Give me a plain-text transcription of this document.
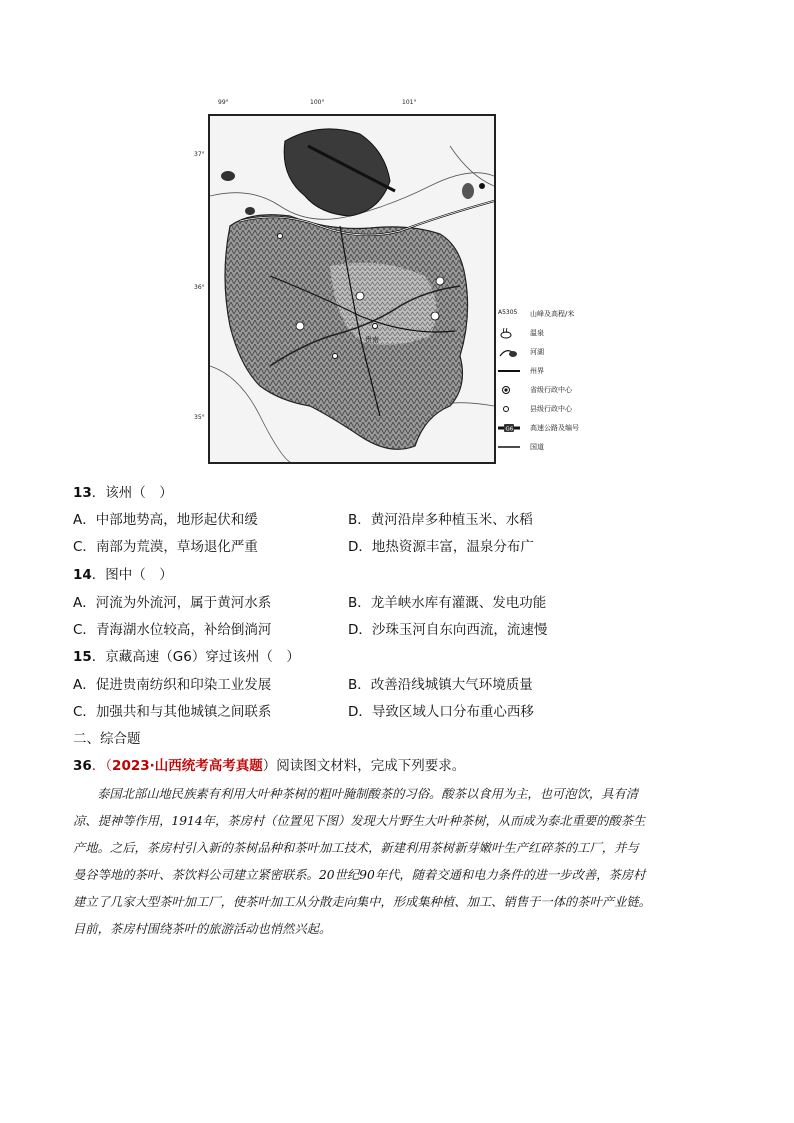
99°	100°	101°
37°
36°
35°
贵南
A5305	山峰及高程/米
温泉
河湖
州界
省级行政中心
县级行政中心
G6 高速公路及编号
国道
13．该州（　）
A．中部地势高，地形起伏和缓	B．黄河沿岸多种植玉米、水稻
C．南部为荒漠，草场退化严重	D．地热资源丰富，温泉分布广
14．图中（　）
A．河流为外流河，属于黄河水系	B．龙羊峡水库有灌溉、发电功能
C．青海湖水位较高，补给倒淌河	D．沙珠玉河自东向西流，流速慢
15．京藏高速（G6）穿过该州（　）
A．促进贵南纺织和印染工业发展	B．改善沿线城镇大气环境质量
C．加强共和与其他城镇之间联系	D．导致区域人口分布重心西移
二、综合题
36．（2023·山西统考高考真题）阅读图文材料，完成下列要求。
泰国北部山地民族素有利用大叶种茶树的粗叶腌制酸茶的习俗。酸茶以食用为主，也可泡饮，具有清
凉、提神等作用，1914年，茶房村（位置见下图）发现大片野生大叶种茶树，从而成为泰北重要的酸茶生
产地。之后，茶房村引入新的茶树品种和茶叶加工技术，新建利用茶树新芽嫩叶生产红碎茶的工厂，并与
曼谷等地的茶叶、茶饮料公司建立紧密联系。20世纪90年代，随着交通和电力条件的进一步改善，茶房村
建立了几家大型茶叶加工厂，使茶叶加工从分散走向集中，形成集种植、加工、销售于一体的茶叶产业链。
目前，茶房村围绕茶叶的旅游活动也悄然兴起。
